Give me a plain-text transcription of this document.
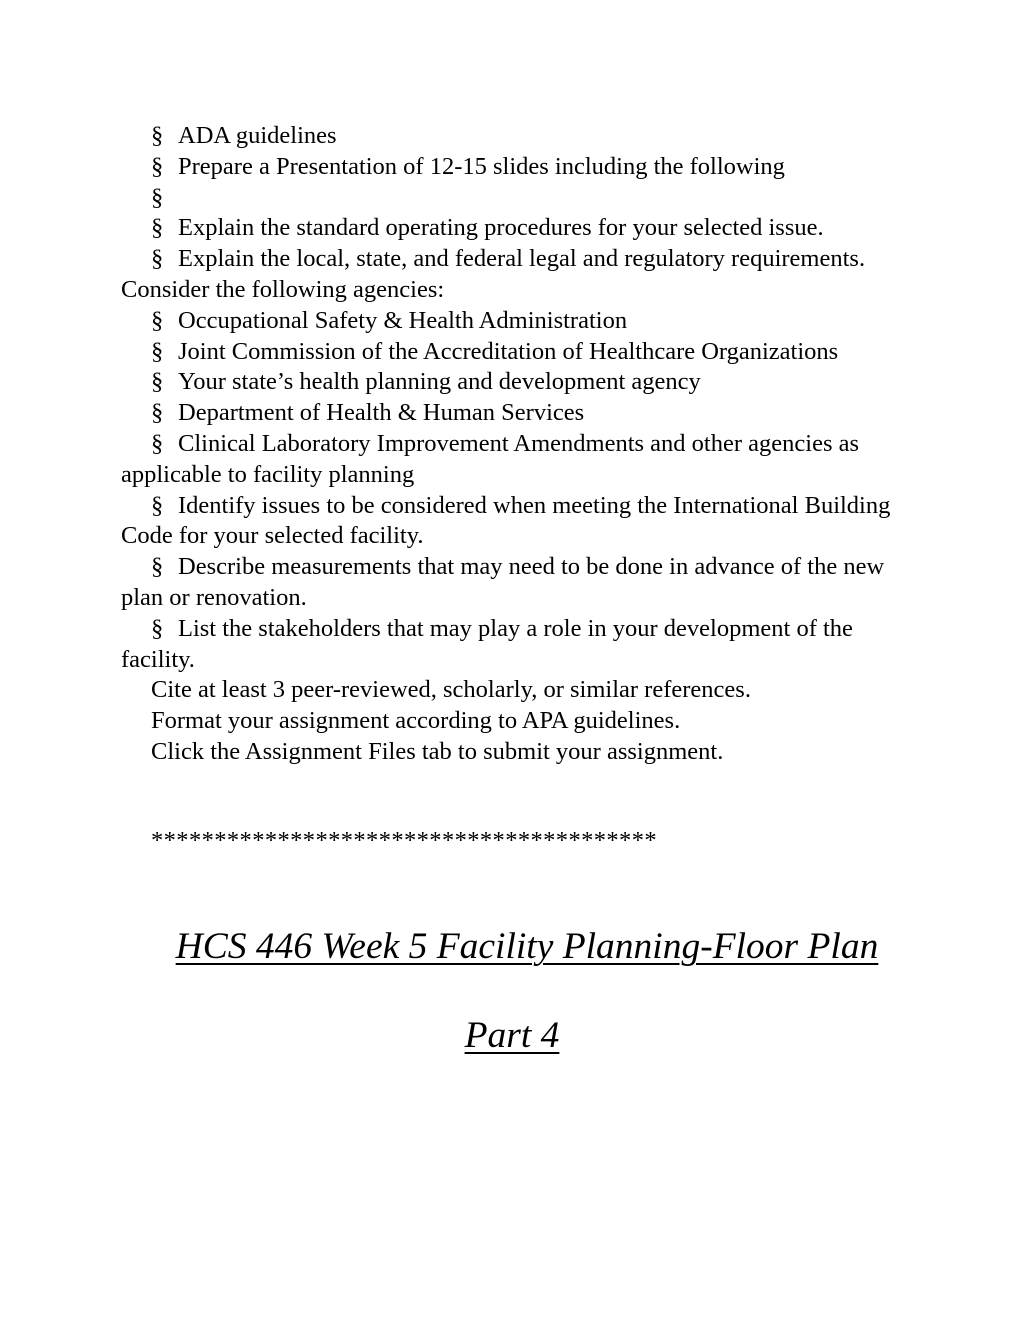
§ ADA guidelines

§ Prepare a Presentation of 12-15 slides including the following

§

§ Explain the standard operating procedures for your selected issue.

§ Explain the local, state, and federal legal and regulatory requirements. Consider the following agencies:

§ Occupational Safety & Health Administration

§ Joint Commission of the Accreditation of Healthcare Organizations

§ Your state’s health planning and development agency

§ Department of Health & Human Services

§ Clinical Laboratory Improvement Amendments and other agencies as applicable to facility planning

§ Identify issues to be considered when meeting the International Building Code for your selected facility.

§ Describe measurements that may need to be done in advance of the new plan or renovation.

§ List the stakeholders that may play a role in your development of the facility.

Cite at least 3 peer-reviewed, scholarly, or similar references.

Format your assignment according to APA guidelines.

Click the Assignment Files tab to submit your assignment.

****************************************
HCS 446 Week 5 Facility Planning-Floor Plan
Part 4
